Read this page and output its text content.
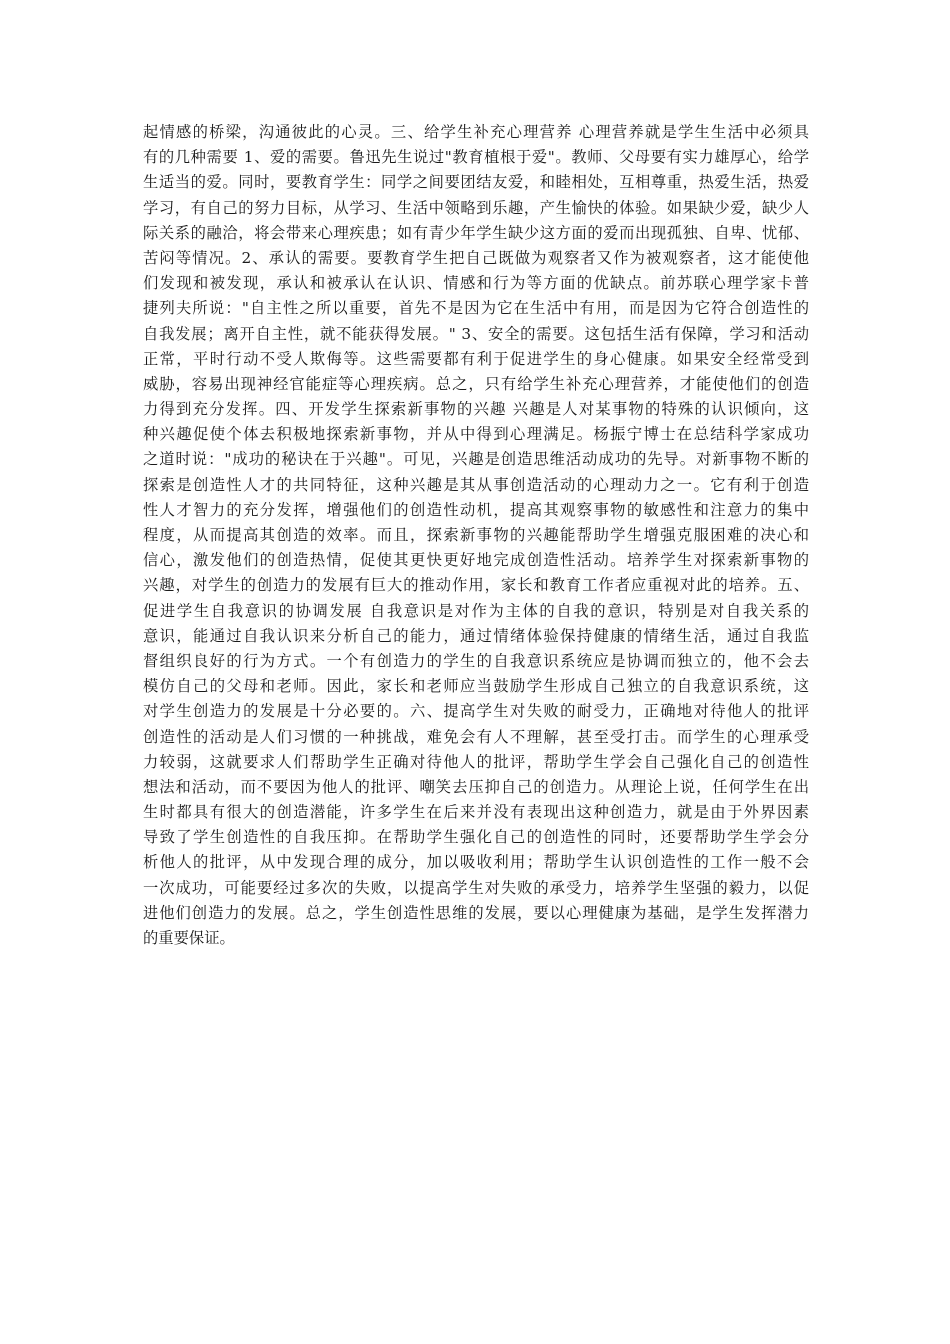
起情感的桥梁，沟通彼此的心灵。三、给学生补充心理营养 心理营养就是学生生活中必须具
有的几种需要 1、爱的需要。鲁迅先生说过"教育植根于爱"。教师、父母要有实力雄厚心，给学
生适当的爱。同时，要教育学生：同学之间要团结友爱，和睦相处，互相尊重，热爱生活，热爱
学习，有自己的努力目标，从学习、生活中领略到乐趣，产生愉快的体验。如果缺少爱，缺少人
际关系的融洽，将会带来心理疾患；如有青少年学生缺少这方面的爱而出现孤独、自卑、忧郁、
苦闷等情况。2、承认的需要。要教育学生把自己既做为观察者又作为被观察者，这才能使他
们发现和被发现，承认和被承认在认识、情感和行为等方面的优缺点。前苏联心理学家卡普
捷列夫所说："自主性之所以重要，首先不是因为它在生活中有用，而是因为它符合创造性的
自我发展；离开自主性，就不能获得发展。" 3、安全的需要。这包括生活有保障，学习和活动
正常，平时行动不受人欺侮等。这些需要都有利于促进学生的身心健康。如果安全经常受到
威胁，容易出现神经官能症等心理疾病。总之，只有给学生补充心理营养，才能使他们的创造
力得到充分发挥。四、开发学生探索新事物的兴趣 兴趣是人对某事物的特殊的认识倾向，这
种兴趣促使个体去积极地探索新事物，并从中得到心理满足。杨振宁博士在总结科学家成功
之道时说："成功的秘诀在于兴趣"。可见，兴趣是创造思维活动成功的先导。对新事物不断的
探索是创造性人才的共同特征，这种兴趣是其从事创造活动的心理动力之一。它有利于创造
性人才智力的充分发挥，增强他们的创造性动机，提高其观察事物的敏感性和注意力的集中
程度，从而提高其创造的效率。而且，探索新事物的兴趣能帮助学生增强克服困难的决心和
信心，激发他们的创造热情，促使其更快更好地完成创造性活动。培养学生对探索新事物的
兴趣，对学生的创造力的发展有巨大的推动作用，家长和教育工作者应重视对此的培养。五、
促进学生自我意识的协调发展 自我意识是对作为主体的自我的意识，特别是对自我关系的
意识，能通过自我认识来分析自己的能力，通过情绪体验保持健康的情绪生活，通过自我监
督组织良好的行为方式。一个有创造力的学生的自我意识系统应是协调而独立的，他不会去
模仿自己的父母和老师。因此，家长和老师应当鼓励学生形成自己独立的自我意识系统，这
对学生创造力的发展是十分必要的。六、提高学生对失败的耐受力，正确地对待他人的批评
创造性的活动是人们习惯的一种挑战，难免会有人不理解，甚至受打击。而学生的心理承受
力较弱，这就要求人们帮助学生正确对待他人的批评，帮助学生学会自己强化自己的创造性
想法和活动，而不要因为他人的批评、嘲笑去压抑自己的创造力。从理论上说，任何学生在出
生时都具有很大的创造潜能，许多学生在后来并没有表现出这种创造力，就是由于外界因素
导致了学生创造性的自我压抑。在帮助学生强化自己的创造性的同时，还要帮助学生学会分
析他人的批评，从中发现合理的成分，加以吸收利用；帮助学生认识创造性的工作一般不会
一次成功，可能要经过多次的失败，以提高学生对失败的承受力，培养学生坚强的毅力，以促
进他们创造力的发展。总之，学生创造性思维的发展，要以心理健康为基础，是学生发挥潜力
的重要保证。
